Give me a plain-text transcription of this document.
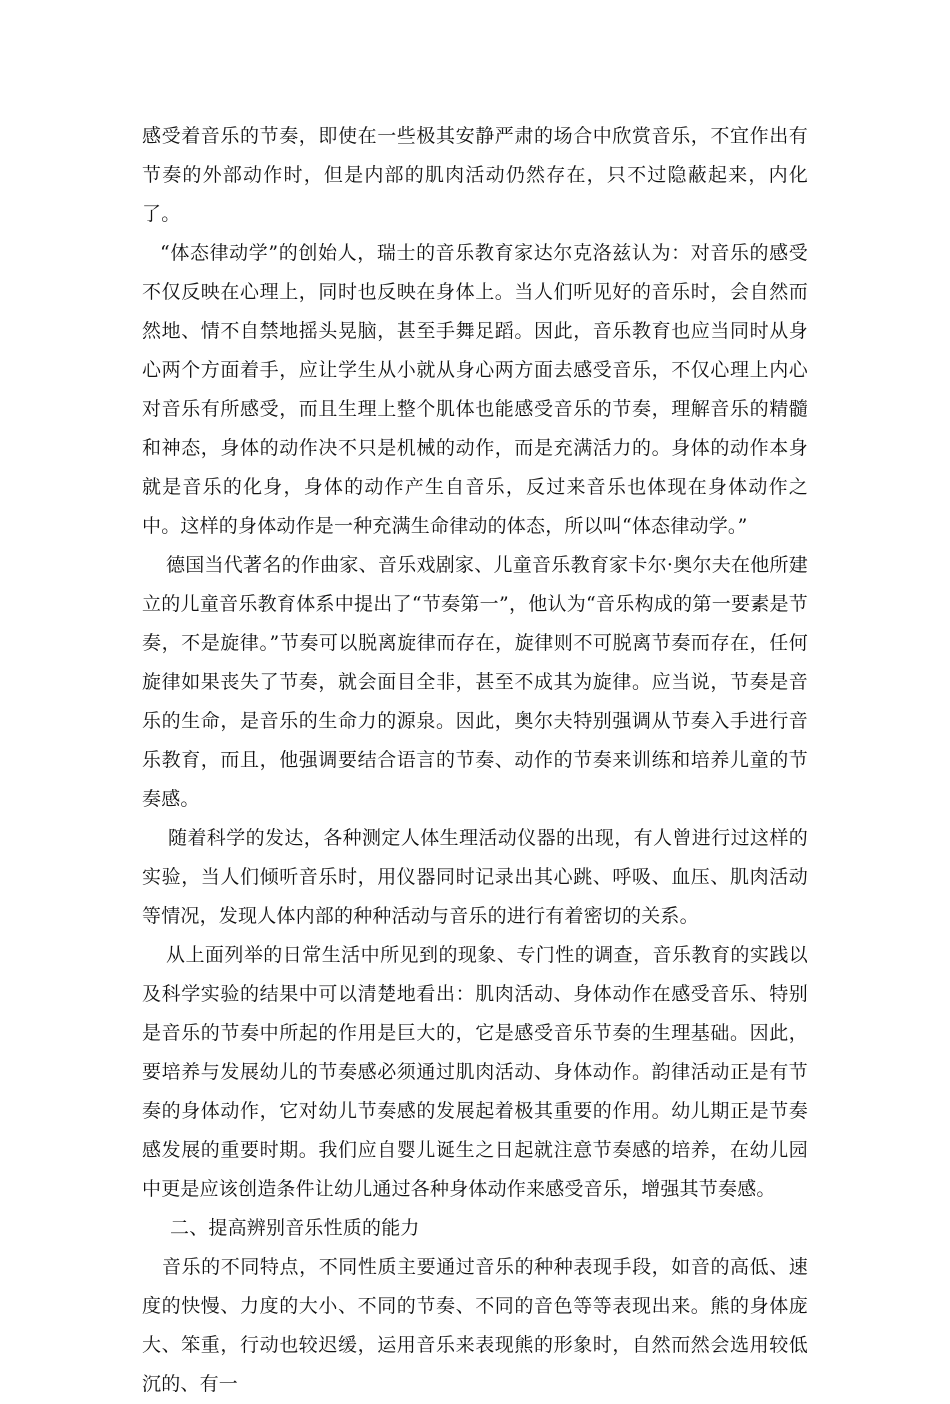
感受着音乐的节奏，即使在一些极其安静严肃的场合中欣赏音乐，不宜作出有节奏的外部动作时，但是内部的肌肉活动仍然存在，只不过隐蔽起来，内化了。

“体态律动学”的创始人，瑞士的音乐教育家达尔克洛兹认为：对音乐的感受不仅反映在心理上，同时也反映在身体上。当人们听见好的音乐时，会自然而然地、情不自禁地摇头晃脑，甚至手舞足蹈。因此，音乐教育也应当同时从身心两个方面着手，应让学生从小就从身心两方面去感受音乐，不仅心理上内心对音乐有所感受，而且生理上整个肌体也能感受音乐的节奏，理解音乐的精髓和神态，身体的动作决不只是机械的动作，而是充满活力的。身体的动作本身就是音乐的化身，身体的动作产生自音乐，反过来音乐也体现在身体动作之中。这样的身体动作是一种充满生命律动的体态，所以叫“体态律动学。”

德国当代著名的作曲家、音乐戏剧家、儿童音乐教育家卡尔·奥尔夫在他所建立的儿童音乐教育体系中提出了“节奏第一”，他认为“音乐构成的第一要素是节奏，不是旋律。”节奏可以脱离旋律而存在，旋律则不可脱离节奏而存在，任何旋律如果丧失了节奏，就会面目全非，甚至不成其为旋律。应当说，节奏是音乐的生命，是音乐的生命力的源泉。因此，奥尔夫特别强调从节奏入手进行音乐教育，而且，他强调要结合语言的节奏、动作的节奏来训练和培养儿童的节奏感。

随着科学的发达，各种测定人体生理活动仪器的出现，有人曾进行过这样的实验，当人们倾听音乐时，用仪器同时记录出其心跳、呼吸、血压、肌肉活动等情况，发现人体内部的种种活动与音乐的进行有着密切的关系。

从上面列举的日常生活中所见到的现象、专门性的调查，音乐教育的实践以及科学实验的结果中可以清楚地看出：肌肉活动、身体动作在感受音乐、特别是音乐的节奏中所起的作用是巨大的，它是感受音乐节奏的生理基础。因此，要培养与发展幼儿的节奏感必须通过肌肉活动、身体动作。韵律活动正是有节奏的身体动作，它对幼儿节奏感的发展起着极其重要的作用。幼儿期正是节奏感发展的重要时期。我们应自婴儿诞生之日起就注意节奏感的培养，在幼儿园中更是应该创造条件让幼儿通过各种身体动作来感受音乐，增强其节奏感。

二、提高辨别音乐性质的能力

音乐的不同特点，不同性质主要通过音乐的种种表现手段，如音的高低、速度的快慢、力度的大小、不同的节奏、不同的音色等等表现出来。熊的身体庞大、笨重，行动也较迟缓，运用音乐来表现熊的形象时，自然而然会选用较低沉的、有一
